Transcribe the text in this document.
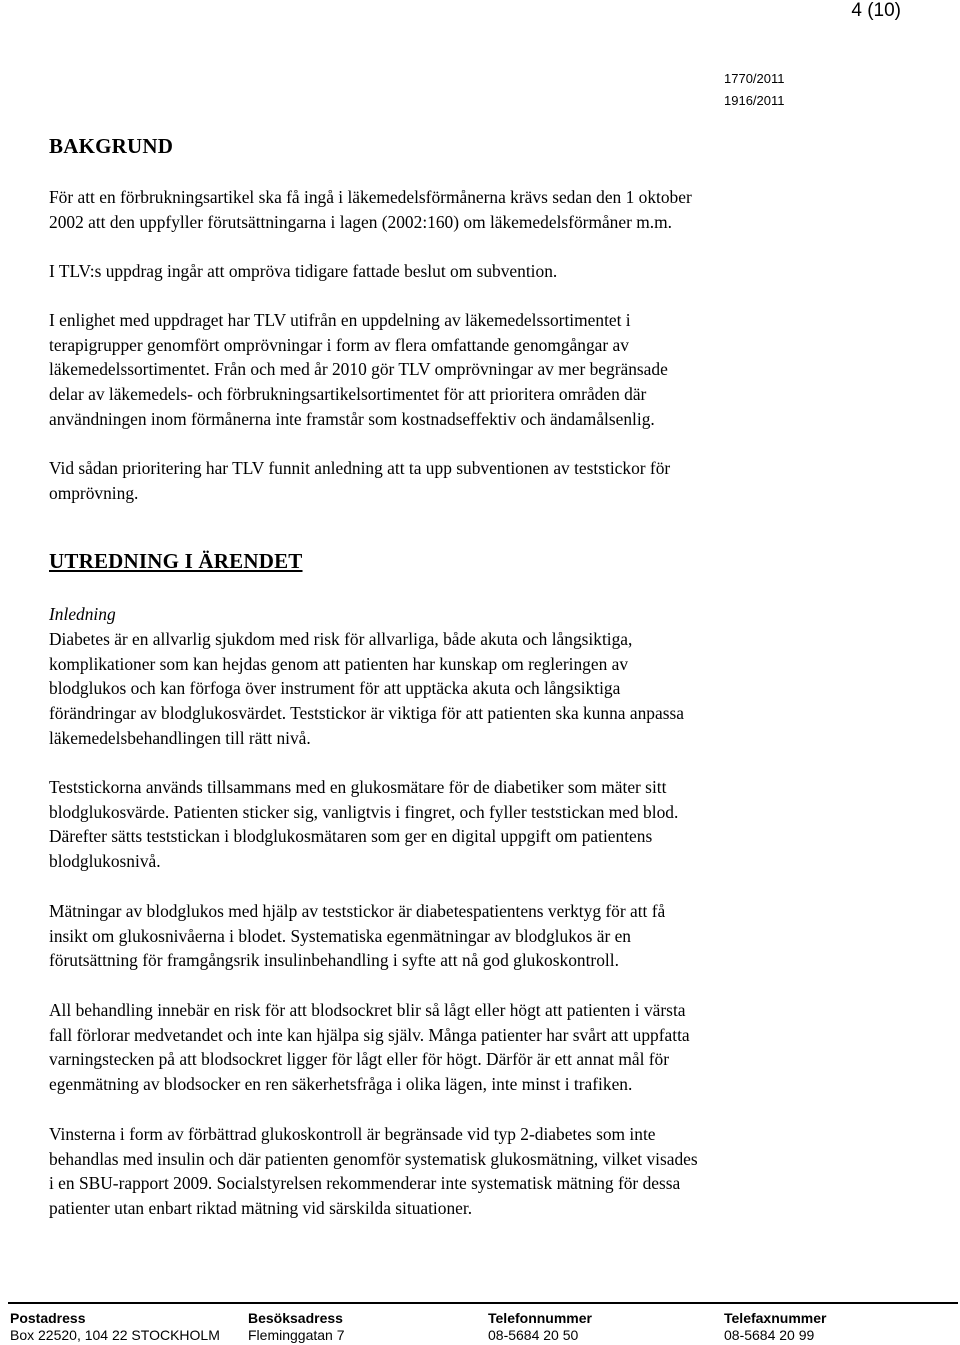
4 (10)
1770/2011
1916/2011
BAKGRUND

För att en förbrukningsartikel ska få ingå i läkemedelsförmånerna krävs sedan den 1 oktober
2002 att den uppfyller förutsättningarna i lagen (2002:160) om läkemedelsförmåner m.m.

I TLV:s uppdrag ingår att ompröva tidigare fattade beslut om subvention.

I enlighet med uppdraget har TLV utifrån en uppdelning av läkemedelssortimentet i
terapigrupper genomfört omprövningar i form av flera omfattande genomgångar av
läkemedelssortimentet. Från och med år 2010 gör TLV omprövningar av mer begränsade
delar av läkemedels- och förbrukningsartikelsortimentet för att prioritera områden där
användningen inom förmånerna inte framstår som kostnadseffektiv och ändamålsenlig.

Vid sådan prioritering har TLV funnit anledning att ta upp subventionen av teststickor för
omprövning.

UTREDNING I ÄRENDET
Inledning

Diabetes är en allvarlig sjukdom med risk för allvarliga, både akuta och långsiktiga,
komplikationer som kan hejdas genom att patienten har kunskap om regleringen av
blodglukos och kan förfoga över instrument för att upptäcka akuta och långsiktiga
förändringar av blodglukosvärdet. Teststickor är viktiga för att patienten ska kunna anpassa
läkemedelsbehandlingen till rätt nivå.

Teststickorna används tillsammans med en glukosmätare för de diabetiker som mäter sitt
blodglukosvärde. Patienten sticker sig, vanligtvis i fingret, och fyller teststickan med blod.
Därefter sätts teststickan i blodglukosmätaren som ger en digital uppgift om patientens
blodglukosnivå.

Mätningar av blodglukos med hjälp av teststickor är diabetespatientens verktyg för att få
insikt om glukosnivåerna i blodet. Systematiska egenmätningar av blodglukos är en
förutsättning för framgångsrik insulinbehandling i syfte att nå god glukoskontroll.

All behandling innebär en risk för att blodsockret blir så lågt eller högt att patienten i värsta
fall förlorar medvetandet och inte kan hjälpa sig själv. Många patienter har svårt att uppfatta
varningstecken på att blodsockret ligger för lågt eller för högt. Därför är ett annat mål för
egenmätning av blodsocker en ren säkerhetsfråga i olika lägen, inte minst i trafiken.

Vinsterna i form av förbättrad glukoskontroll är begränsade vid typ 2-diabetes som inte
behandlas med insulin och där patienten genomför systematisk glukosmätning, vilket visades
i en SBU-rapport 2009. Socialstyrelsen rekommenderar inte systematisk mätning för dessa
patienter utan enbart riktad mätning vid särskilda situationer.

Postadress
Box 22520, 104 22 STOCKHOLM
Besöksadress
Fleminggatan 7
Telefonnummer
08-5684 20 50
Telefaxnummer
08-5684 20 99
